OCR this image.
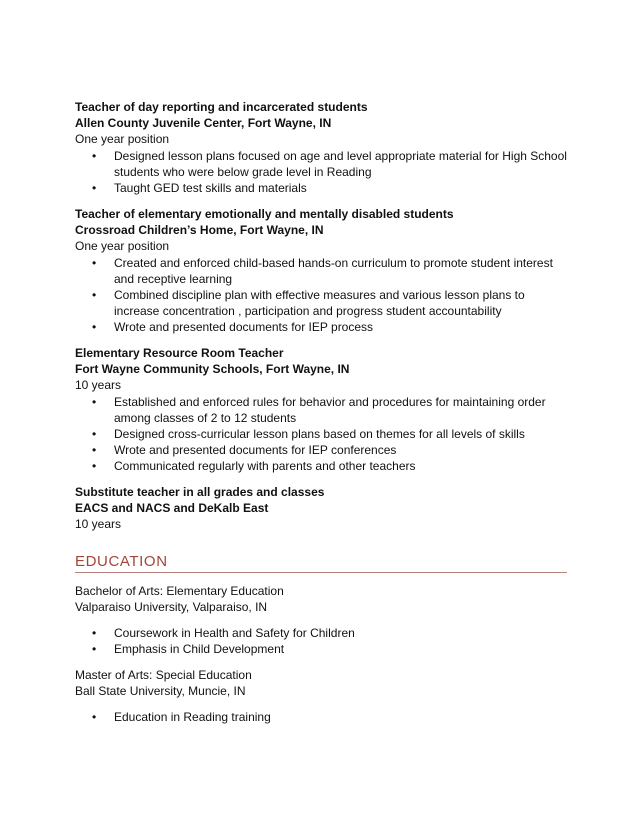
Teacher of day reporting and incarcerated students
Allen County Juvenile Center, Fort Wayne, IN
One year position
• Designed lesson plans focused on age and level appropriate material for High School students who were below grade level in Reading
• Taught GED test skills and materials
Teacher of elementary emotionally and mentally disabled students
Crossroad Children’s Home, Fort Wayne, IN
One year position
• Created and enforced child-based hands-on curriculum to promote student interest and receptive learning
• Combined discipline plan with effective measures and various lesson plans to increase concentration , participation and progress student accountability
• Wrote and presented documents for IEP process
Elementary Resource Room Teacher
Fort Wayne Community Schools, Fort Wayne, IN
10 years
• Established and enforced rules for behavior and procedures for maintaining order among classes of 2 to 12 students
• Designed cross-curricular lesson plans based on themes for all levels of skills
• Wrote and presented documents for IEP conferences
• Communicated regularly with parents and other teachers
Substitute teacher in all grades and classes
EACS and NACS and DeKalb East
10 years
EDUCATION
Bachelor of Arts: Elementary Education
Valparaiso University, Valparaiso, IN
• Coursework in Health and Safety for Children
• Emphasis in Child Development
Master of Arts: Special Education
Ball State University, Muncie, IN
• Education in Reading training
